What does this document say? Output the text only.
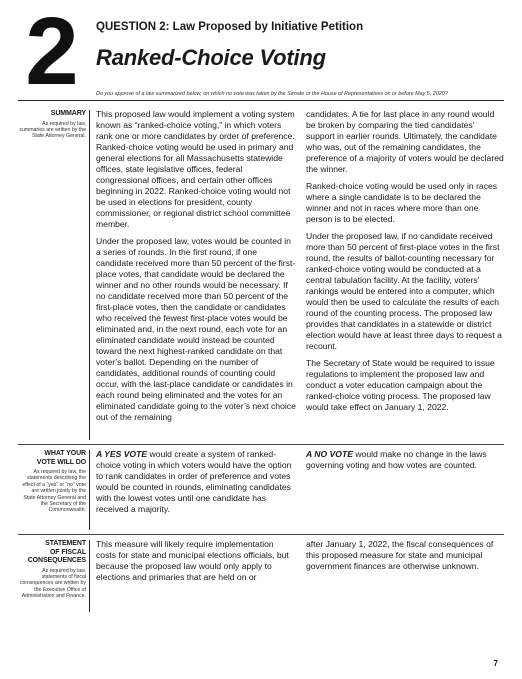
2	QUESTION 2: Law Proposed by Initiative Petition
Ranked-Choice Voting
Do you approve of a law summarized below, on which no vote was taken by the Senate or the House of Representatives on or before May 5, 2020?
SUMMARY
As required by law, summaries are written by the State Attorney General.

This proposed law would implement a voting system known as “ranked-choice voting,” in which voters rank one or more candidates by order of preference. Ranked-choice voting would be used in primary and general elections for all Massachusetts statewide offices, state legislative offices, federal congressional offices, and certain other offices beginning in 2022. Ranked-choice voting would not be used in elections for president, county commissioner, or regional district school committee member.

Under the proposed law, votes would be counted in a series of rounds. In the first round, if one candidate received more than 50 percent of the first-place votes, that candidate would be declared the winner and no other rounds would be necessary. If no candidate received more than 50 percent of the first-place votes, then the candidate or candidates who received the fewest first-place votes would be eliminated and, in the next round, each vote for an eliminated candidate would instead be counted toward the next highest-ranked candidate on that voter’s ballot. Depending on the number of candidates, additional rounds of counting could occur, with the last-place candidate or candidates in each round being eliminated and the votes for an eliminated candidate going to the voter’s next choice out of the remaining

candidates. A tie for last place in any round would be broken by comparing the tied candidates’ support in earlier rounds. Ultimately, the candidate who was, out of the remaining candidates, the preference of a majority of voters would be declared the winner.

Ranked-choice voting would be used only in races where a single candidate is to be declared the winner and not in races where more than one person is to be elected.

Under the proposed law, if no candidate received more than 50 percent of first-place votes in the first round, the results of ballot-counting necessary for ranked-choice voting would be conducted at a central tabulation facility. At the facility, voters’ rankings would be entered into a computer, which would then be used to calculate the results of each round of the counting process. The proposed law provides that candidates in a statewide or district election would have at least three days to request a recount.

The Secretary of State would be required to issue regulations to implement the proposed law and conduct a voter education campaign about the ranked-choice voting process. The proposed law would take effect on January 1, 2022.

WHAT YOUR
VOTE WILL DO
As required by law, the statements describing the effect of a “yes” or “no” vote are written jointly by the State Attorney General and the Secretary of the Commonwealth.

A YES VOTE would create a system of ranked-choice voting in which voters would have the option to rank candidates in order of preference and votes would be counted in rounds, eliminating candidates with the lowest votes until one candidate has received a majority.

A NO VOTE would make no change in the laws governing voting and how votes are counted.

STATEMENT
OF FISCAL
CONSEQUENCES
As required by law, statements of fiscal consequences are written by the Executive Office of Administration and Finance.

This measure will likely require implementation costs for state and municipal elections officials, but because the proposed law would only apply to elections and primaries that are held on or

after January 1, 2022, the fiscal consequences of this proposed measure for state and municipal government finances are otherwise unknown.

7
